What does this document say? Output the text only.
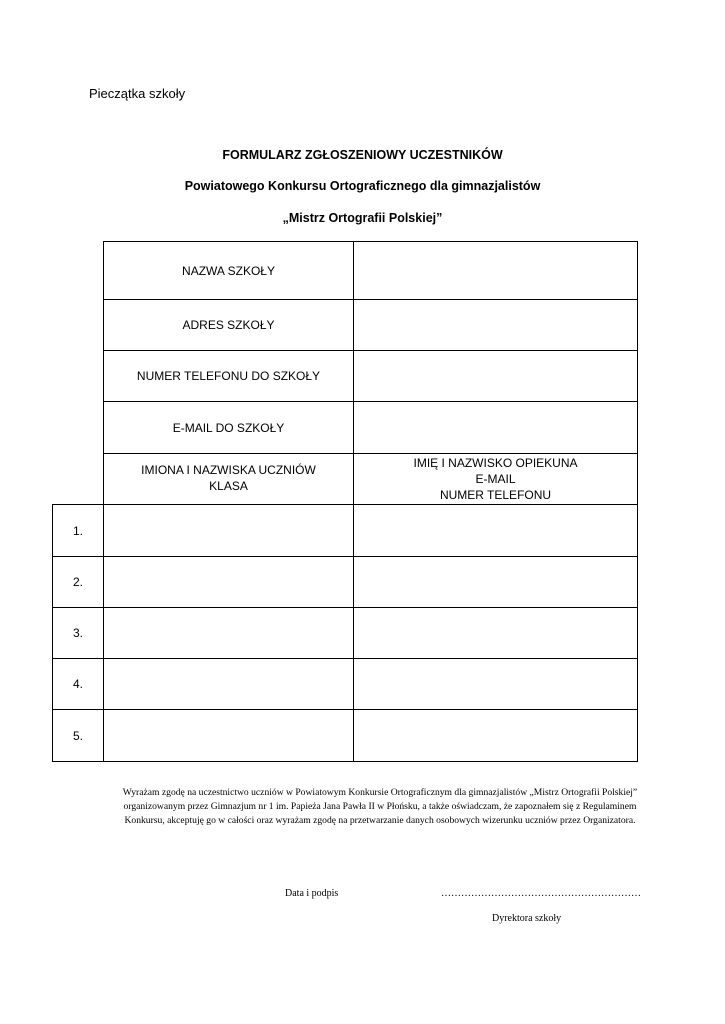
Pieczątka szkoły
FORMULARZ ZGŁOSZENIOWY UCZESTNIKÓW
Powiatowego Konkursu Ortograficznego dla gimnazjalistów
„Mistrz Ortografii Polskiej”
NAZWA SZKOŁY
ADRES SZKOŁY
NUMER TELEFONU DO SZKOŁY
E-MAIL DO SZKOŁY
IMIONA I NAZWISKA UCZNIÓW
KLASA
IMIĘ I NAZWISKO OPIEKUNA
E-MAIL
NUMER TELEFONU
1.
2.
3.
4.
5.
Wyrażam zgodę na uczestnictwo uczniów w Powiatowym Konkursie Ortograficznym dla gimnazjalistów „Mistrz Ortografii Polskiej”
organizowanym przez Gimnazjum nr 1 im. Papieża Jana Pawła II w Płońsku, a także oświadczam, że zapoznałem się z Regulaminem
Konkursu, akceptuję go w całości oraz wyrażam zgodę na przetwarzanie danych osobowych wizerunku uczniów przez Organizatora.
Data i podpis	……………………………………………………
Dyrektora szkoły
